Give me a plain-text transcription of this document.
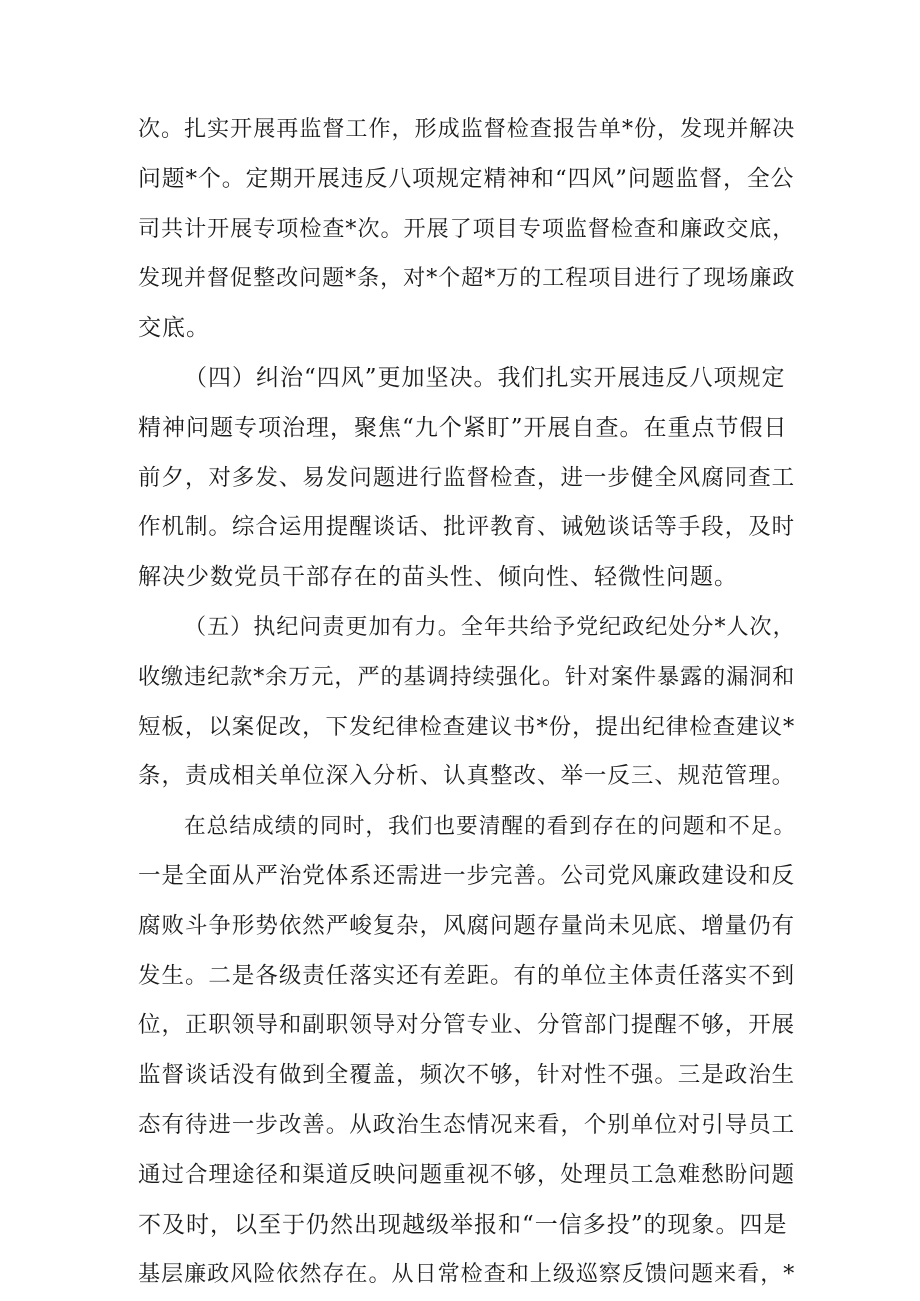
次。扎实开展再监督工作，形成监督检查报告单*份，发现并解决
问题*个。定期开展违反八项规定精神和“四风”问题监督，全公
司共计开展专项检查*次。开展了项目专项监督检查和廉政交底，
发现并督促整改问题*条，对*个超*万的工程项目进行了现场廉政
交底。
（四）纠治“四风”更加坚决。我们扎实开展违反八项规定
精神问题专项治理，聚焦“九个紧盯”开展自查。在重点节假日
前夕，对多发、易发问题进行监督检查，进一步健全风腐同查工
作机制。综合运用提醒谈话、批评教育、诫勉谈话等手段，及时
解决少数党员干部存在的苗头性、倾向性、轻微性问题。
（五）执纪问责更加有力。全年共给予党纪政纪处分*人次，
收缴违纪款*余万元，严的基调持续强化。针对案件暴露的漏洞和
短板，以案促改，下发纪律检查建议书*份，提出纪律检查建议*
条，责成相关单位深入分析、认真整改、举一反三、规范管理。
在总结成绩的同时，我们也要清醒的看到存在的问题和不足。
一是全面从严治党体系还需进一步完善。公司党风廉政建设和反
腐败斗争形势依然严峻复杂，风腐问题存量尚未见底、增量仍有
发生。二是各级责任落实还有差距。有的单位主体责任落实不到
位，正职领导和副职领导对分管专业、分管部门提醒不够，开展
监督谈话没有做到全覆盖，频次不够，针对性不强。三是政治生
态有待进一步改善。从政治生态情况来看，个别单位对引导员工
通过合理途径和渠道反映问题重视不够，处理员工急难愁盼问题
不及时，以至于仍然出现越级举报和“一信多投”的现象。四是
基层廉政风险依然存在。从日常检查和上级巡察反馈问题来看，*
